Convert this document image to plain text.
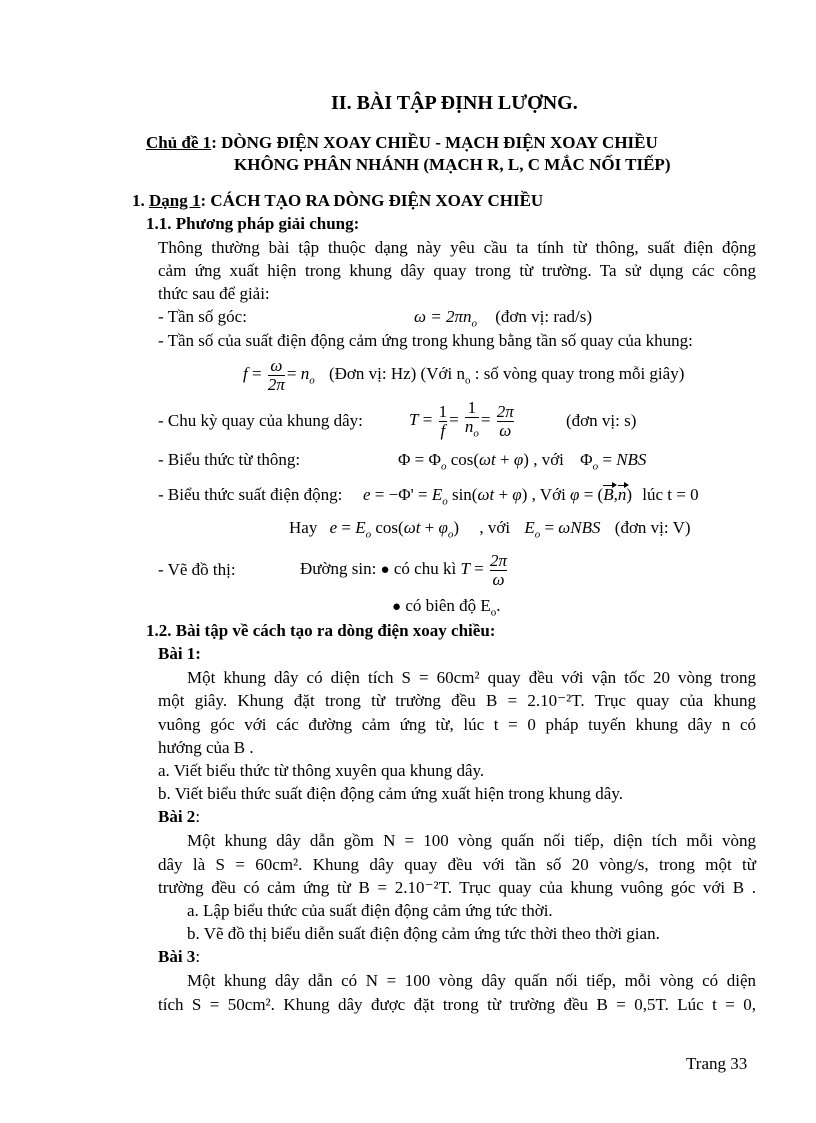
II. BÀI TẬP ĐỊNH LƯỢNG.
Chủ đề 1: DÒNG ĐIỆN XOAY CHIỀU - MẠCH ĐIỆN XOAY CHIỀU
KHÔNG PHÂN NHÁNH (MẠCH R, L, C MẮC NỐI TIẾP)
1. Dạng 1: CÁCH TẠO RA DÒNG ĐIỆN XOAY CHIỀU
1.1. Phương pháp giải chung:
Thông thường bài tập thuộc dạng này yêu cầu ta tính từ thông, suất điện động
cảm ứng xuất hiện trong khung dây quay trong từ trường. Ta sử dụng các công
thức sau để giải:
- Tần số góc:	$\omega = 2\pi n_o$ (đơn vị: rad/s)
- Tần số của suất điện động cảm ứng trong khung bằng tần số quay của khung:
$f = \frac{\omega}{2\pi} = n_o$ (Đơn vị: Hz) (Với $n_o$ : số vòng quay trong mỗi giây)
- Chu kỳ quay của khung dây:	$T = \frac{1}{f} = \frac{1}{n_o} = \frac{2\pi}{\omega}$	(đơn vị: s)
- Biểu thức từ thông:	$\Phi = \Phi_o$ cos(ωt + φ) , với $\Phi_o$ = NBS
- Biểu thức suất điện động: $e = -\Phi' = E_o$ sin(ωt + φ) , Với φ = (B,n) lúc t = 0
Hay $e = E_o$ $\cos(\omega t + \varphi_o)$ , với $E_o = \omega NBS$ (đơn vị: V)
- Vẽ đồ thị:	Đường sin: ● có chu kì $T = \frac{2\pi}{\omega}$
● có biên độ $E_o$.
1.2. Bài tập về cách tạo ra dòng điện xoay chiều:
Bài 1:
Một khung dây có diện tích S = 60cm² quay đều với vận tốc 20 vòng trong
một giây. Khung đặt trong từ trường đều B = 2.10⁻²T. Trục quay của khung
vuông góc với các đường cảm ứng từ, lúc t = 0 pháp tuyến khung dây n có
hướng của B .
a. Viết biểu thức từ thông xuyên qua khung dây.
b. Viết biểu thức suất điện động cảm ứng xuất hiện trong khung dây.
Bài 2:
Một khung dây dẫn gồm N = 100 vòng quấn nối tiếp, diện tích mỗi vòng
dây là S = 60cm². Khung dây quay đều với tần số 20 vòng/s, trong một từ
trường đều có cảm ứng từ B = 2.10⁻²T. Trục quay của khung vuông góc với B .
a. Lập biểu thức của suất điện động cảm ứng tức thời.
b. Vẽ đồ thị biểu diễn suất điện động cảm ứng tức thời theo thời gian.
Bài 3:
Một khung dây dẫn có N = 100 vòng dây quấn nối tiếp, mỗi vòng có diện
tích S = 50cm². Khung dây được đặt trong từ trường đều B = 0,5T. Lúc t = 0,
Trang 33
